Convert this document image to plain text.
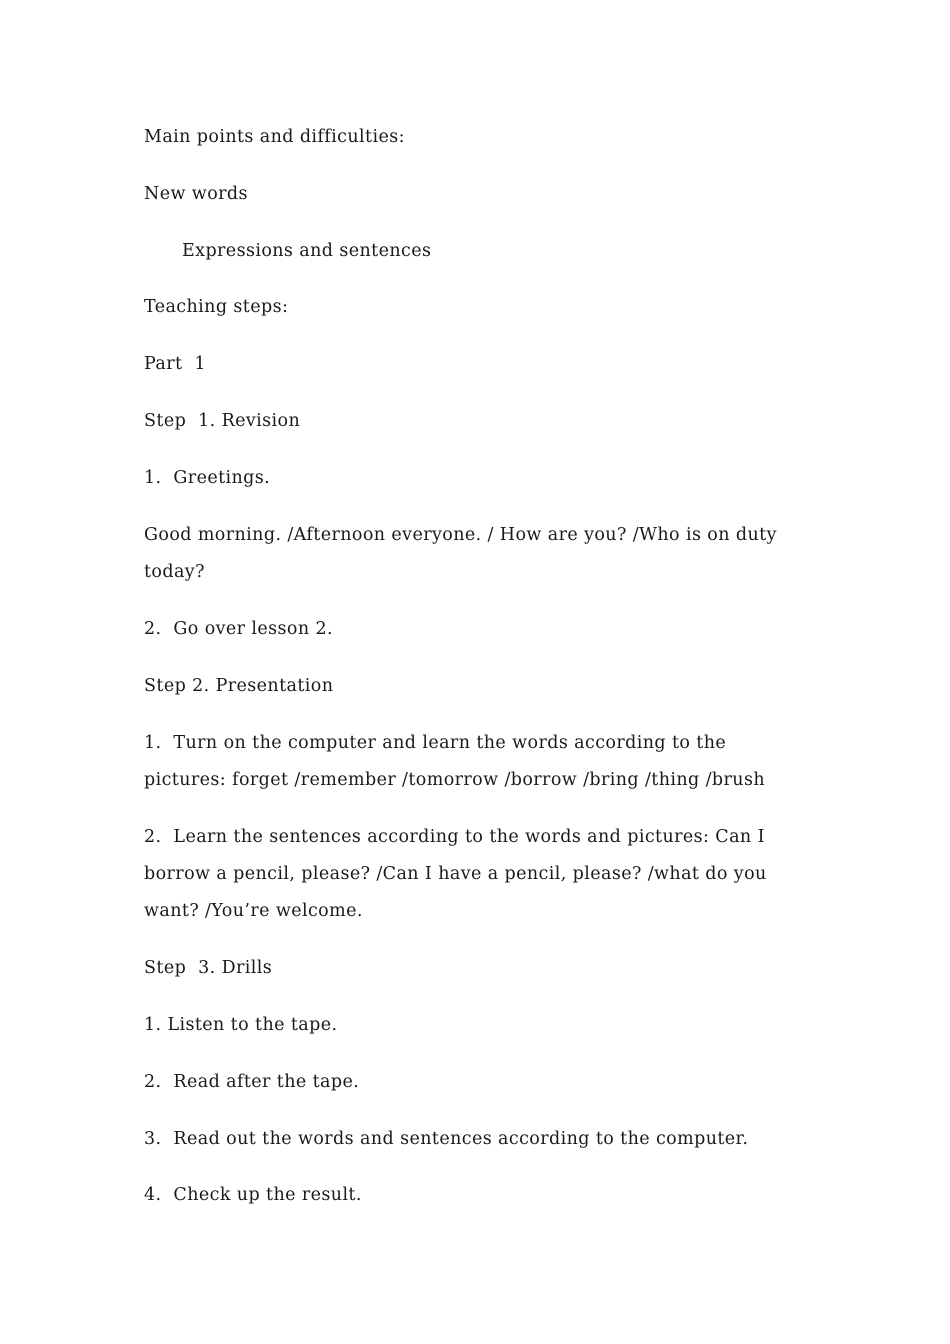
Main points and difficulties:
New words
Expressions and sentences
Teaching steps:
Part  1
Step  1. Revision
1.  Greetings.
Good morning. /Afternoon everyone. / How are you? /Who is on duty
today?
2.  Go over lesson 2.
Step 2. Presentation
1.  Turn on the computer and learn the words according to the
pictures: forget /remember /tomorrow /borrow /bring /thing /brush
2.  Learn the sentences according to the words and pictures: Can I
borrow a pencil, please? /Can I have a pencil, please? /what do you
want? /You’re welcome.
Step  3. Drills
1. Listen to the tape.
2.  Read after the tape.
3.  Read out the words and sentences according to the computer.
4.  Check up the result.
